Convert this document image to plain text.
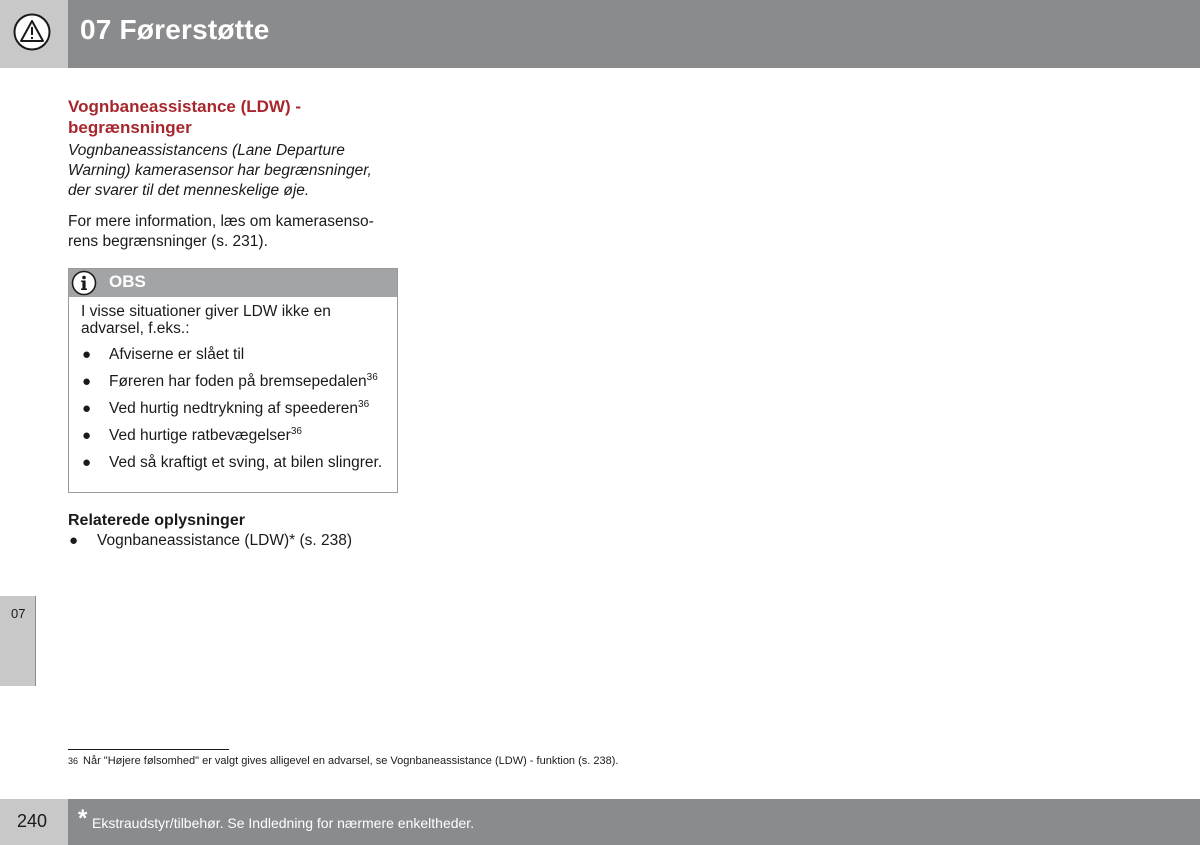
07 Førerstøtte
Vognbaneassistance (LDW) - begrænsninger
Vognbaneassistancens (Lane Departure Warning) kamerasensor har begrænsninger, der svarer til det menneskelige øje.
For mere information, læs om kamerasensorens begrænsninger (s. 231).
OBS
I visse situationer giver LDW ikke en advarsel, f.eks.:
● Afviserne er slået til
● Føreren har foden på bremsepedalen$^{36}$
● Ved hurtig nedtrykning af speederen$^{36}$
● Ved hurtige ratbevægelser$^{36}$
● Ved så kraftigt et sving, at bilen slingrer.
Relaterede oplysninger
● Vognbaneassistance (LDW)* (s. 238)
07
36 Når "Højere følsomhed" er valgt gives alligevel en advarsel, se Vognbaneassistance (LDW) - funktion (s. 238).
240 * Ekstraudstyr/tilbehør. Se Indledning for nærmere enkeltheder.
